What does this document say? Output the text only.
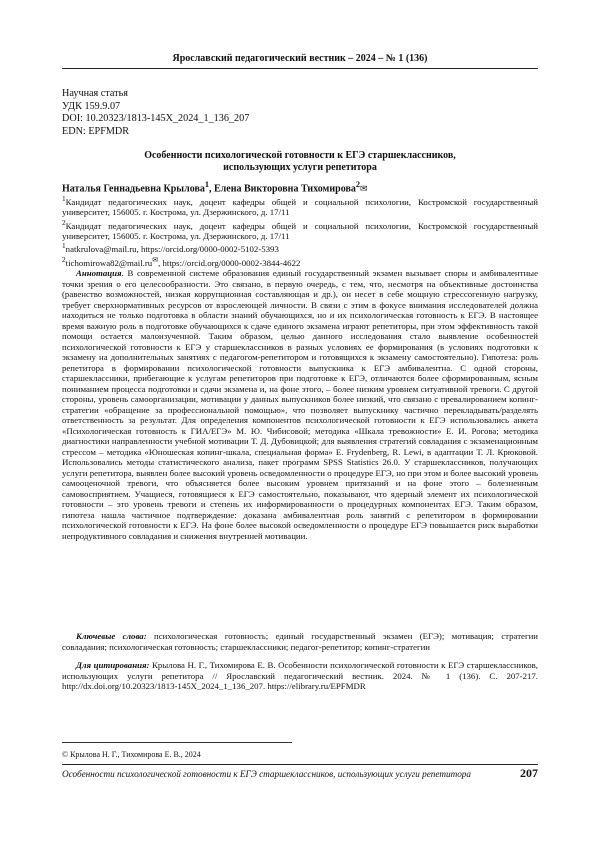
Ярославский педагогический вестник – 2024 – № 1 (136)
Научная статья
УДК 159.9.07
DOI: 10.20323/1813-145X_2024_1_136_207
EDN: EPFMDR
Особенности психологической готовности к ЕГЭ старшеклассников,
использующих услуги репетитора
Наталья Геннадьевна Крылова$^1$, Елена Викторовна Тихомирова$^2$✉

$^1$Кандидат педагогических наук, доцент кафедры общей и социальной психологии, Костромской государственный университет, 156005. г. Кострома, ул. Дзержинского, д. 17/11

$^2$Кандидат педагогических наук, доцент кафедры общей и социальной психологии, Костромской государственный университет, 156005. г. Кострома, ул. Дзержинского, д. 17/11

$^1$natkrulova@mail.ru, https://orcid.org/0000-0002-5102-5393

$^2$tichomirowa82@mail.ru✉, https://orcid.org/0000-0002-3844-4622

Аннотация. В современной системе образования единый государственный экзамен вызывает споры и амбивалентные точки зрения о его целесообразности. Это связано, в первую очередь, с тем, что, несмотря на объективные достоинства (равенство возможностей, низкая коррупционная составляющая и др.), он несет в себе мощную стрессогенную нагрузку, требует сверхнормативных ресурсов от взрослеющей личности. В связи с этим в фокусе внимания исследователей должна находиться не только подготовка в области знаний обучающихся, но и их психологическая готовность к ЕГЭ. В настоящее время важную роль в подготовке обучающихся к сдаче единого экзамена играют репетиторы, при этом эффективность такой помощи остается малоизученной. Таким образом, целью данного исследования стало выявление особенностей психологической готовности к ЕГЭ у старшеклассников в разных условиях ее формирования (в условиях подготовки к экзамену на дополнительных занятиях с педагогом-репетитором и готовящихся к экзамену самостоятельно). Гипотеза: роль репетитора в формировании психологической готовности выпускника к ЕГЭ амбивалентна. С одной стороны, старшеклассники, прибегающие к услугам репетиторов при подготовке к ЕГЭ, отличаются более сформированным, ясным пониманием процесса подготовки и сдачи экзамена и, на фоне этого, – более низким уровнем ситуативной тревоги. С другой стороны, уровень самоорганизации, мотивации у данных выпускников более низкий, что связано с превалированием копинг-стратегии «обращение за профессиональной помощью», что позволяет выпускнику частично перекладывать/разделять ответственность за результат. Для определения компонентов психологической готовности к ЕГЭ использовались анкета «Психологическая готовность к ГИА/ЕГЭ» М. Ю. Чибисовой; методика «Шкала тревожности» Е. И. Рогова; методика диагностики направленности учебной мотивации Т. Д. Дубовицкой; для выявления стратегий совладания с экзаменационным стрессом – методика «Юношеская копинг-шкала, специальная форма» E. Frydenberg, R. Lewi, в адаптации Т. Л. Крюковой. Использовались методы статистического анализа, пакет программ SPSS Statistics 26.0. У старшеклассников, получающих услуги репетитора, выявлен более высокий уровень осведомленности о процедуре ЕГЭ, но при этом и более высокий уровень самооценочной тревоги, что объясняется более высоким уровнем притязаний и на фоне этого – болезненным самовосприятием. Учащиеся, готовящиеся к ЕГЭ самостоятельно, показывают, что ядерный элемент их психологической готовности – это уровень тревоги и степень их информированности о процедурных компонентах ЕГЭ. Таким образом, гипотеза нашла частичное подтверждение: доказана амбивалентная роль занятий с репетитором в формировании психологической готовности к ЕГЭ. На фоне более высокой осведомленности о процедуре ЕГЭ повышается риск выработки непродуктивного совладания и снижения внутренней мотивации.
Ключевые слова: психологическая готовность; единый государственный экзамен (ЕГЭ); мотивация; стратегии совладания; психологическая готовность; старшеклассники; педагог-репетитор; копинг-стратегии
Для цитирования: Крылова Н. Г., Тихомирова Е. В. Особенности психологической готовности к ЕГЭ старшеклассников, использующих услуги репетитора // Ярославский педагогический вестник. 2024. № 1 (136). С. 207-217. http://dx.doi.org/10.20323/1813-145X_2024_1_136_207. https://elibrary.ru/EPFMDR
© Крылова Н. Г., Тихомирова Е. В., 2024
Особенности психологической готовности к ЕГЭ старшеклассников, использующих услуги репетитора	207
